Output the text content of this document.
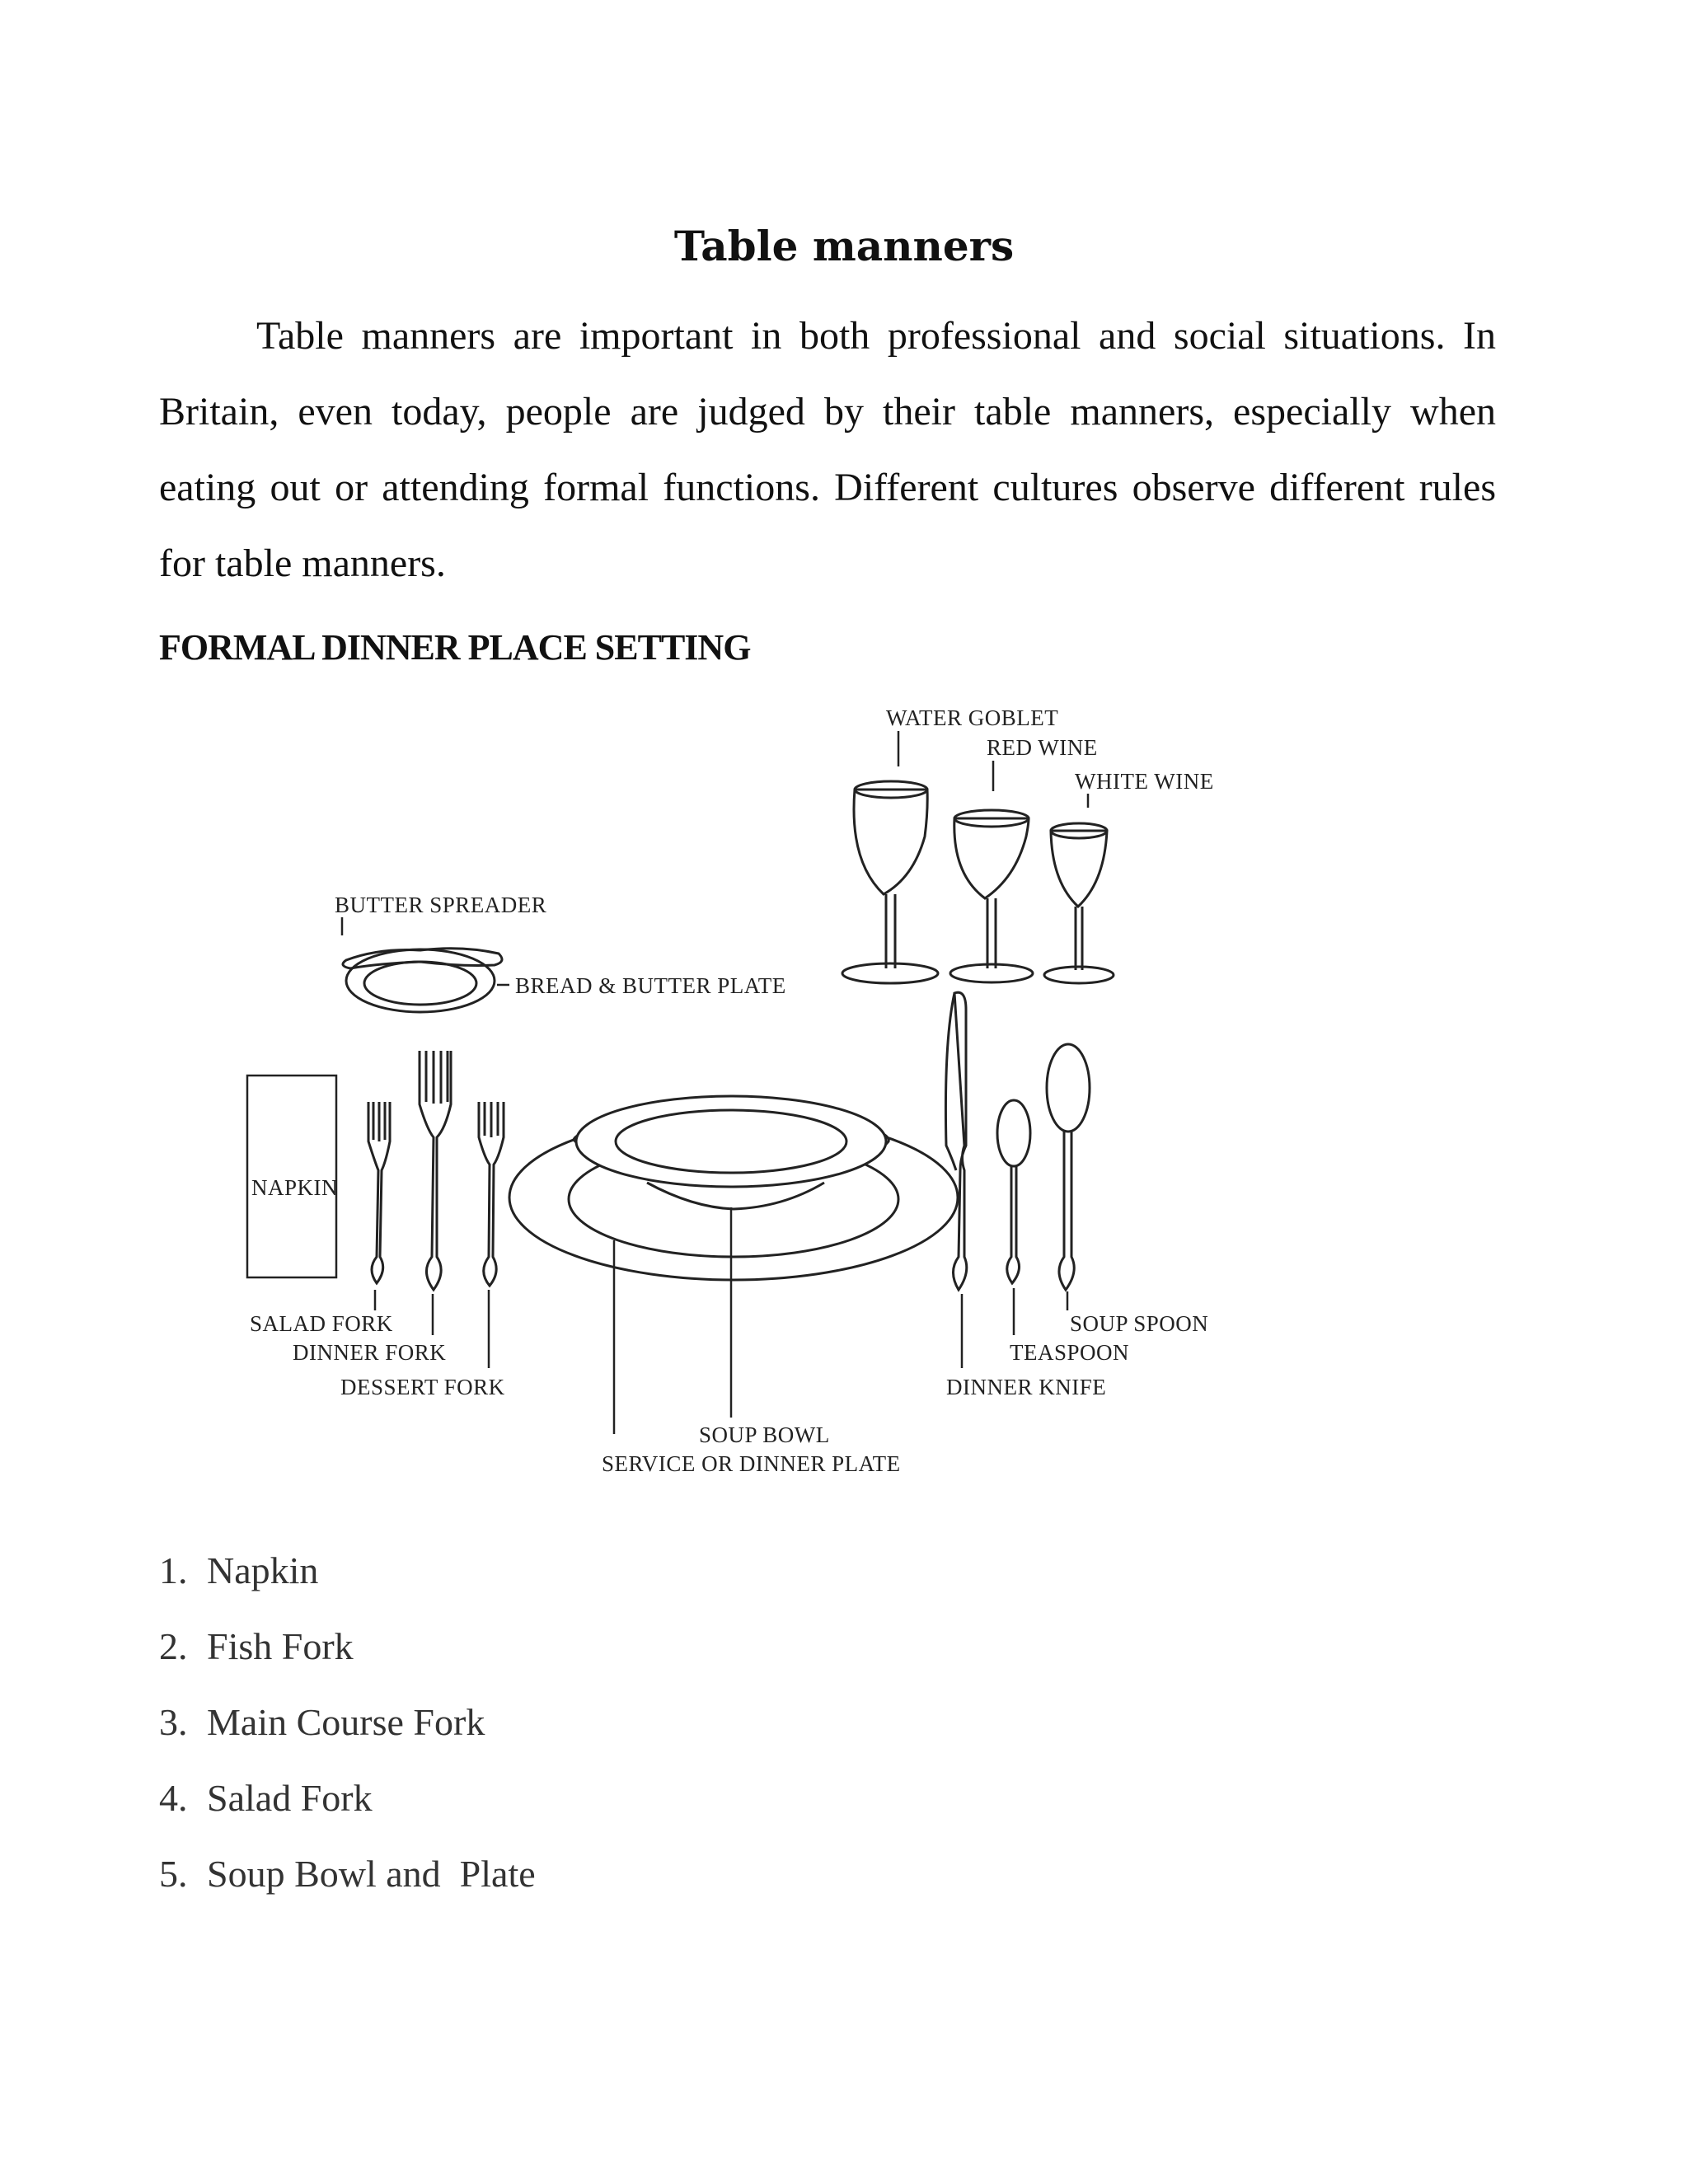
Table manners

Table manners are important in both professional and social situations. In Britain, even today, people are judged by their table manners, especially when eating out or attending formal functions. Different cultures observe different rules for table manners.

FORMAL DINNER PLACE SETTING
WATER GOBLET
RED WINE
WHITE WINE
BUTTER SPREADER
BREAD & BUTTER PLATE
NAPKIN
SALAD FORK
DINNER FORK
DESSERT FORK
SOUP BOWL
SERVICE OR DINNER PLATE
DINNER KNIFE
TEASPOON
SOUP SPOON
1. Napkin
2. Fish Fork
3. Main Course Fork
4. Salad Fork
5. Soup Bowl and  Plate
